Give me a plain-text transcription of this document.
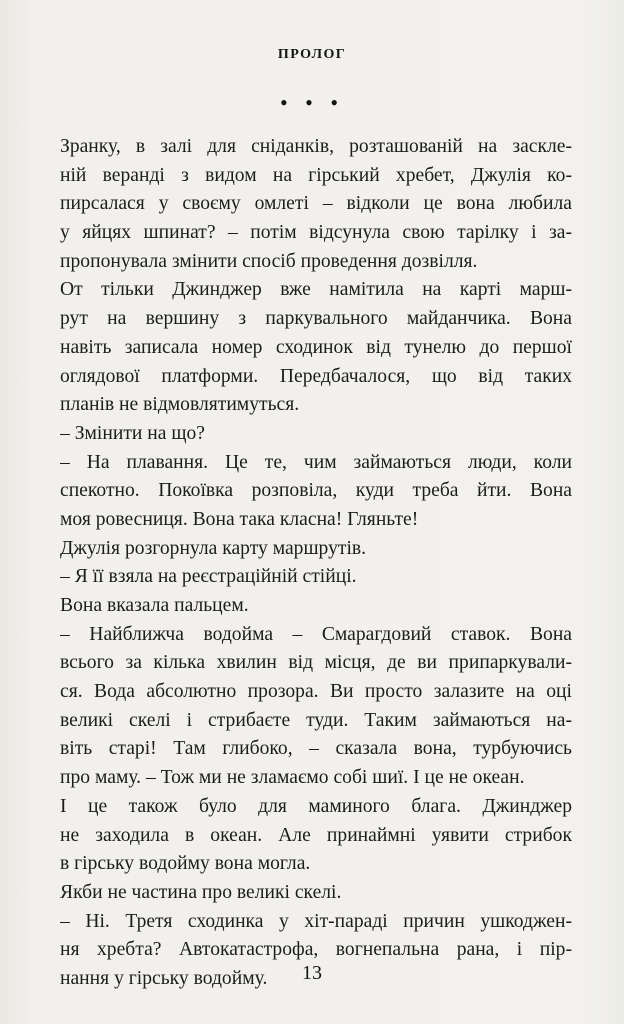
ПРОЛОГ
• • •
Зранку, в залі для сніданків, розташованій на заскле-
ній веранді з видом на гірський хребет, Джулія ко-
пирсалася у своєму омлеті – відколи це вона любила
у яйцях шпинат? – потім відсунула свою тарілку і за-
пропонувала змінити спосіб проведення дозвілля.
От тільки Джинджер вже намітила на карті марш-
рут на вершину з паркувального майданчика. Вона
навіть записала номер сходинок від тунелю до першої
оглядової платформи. Передбачалося, що від таких
планів не відмовлятимуться.
– Змінити на що?
– На плавання. Це те, чим займаються люди, коли
спекотно. Покоївка розповіла, куди треба йти. Вона
моя ровесниця. Вона така класна! Гляньте!
Джулія розгорнула карту маршрутів.
– Я її взяла на реєстраційній стійці.
Вона вказала пальцем.
– Найближча водойма – Смарагдовий ставок. Вона
всього за кілька хвилин від місця, де ви припаркували-
ся. Вода абсолютно прозора. Ви просто залазите на оці
великі скелі і стрибаєте туди. Таким займаються на-
віть старі! Там глибоко, – сказала вона, турбуючись
про маму. – Тож ми не зламаємо собі шиї. І це не океан.
І це також було для маминого блага. Джинджер
не заходила в океан. Але принаймні уявити стрибок
в гірську водойму вона могла.
Якби не частина про великі скелі.
– Ні. Третя сходинка у хіт-параді причин ушкоджен-
ня хребта? Автокатастрофа, вогнепальна рана, і пір-
нання у гірську водойму.	13
